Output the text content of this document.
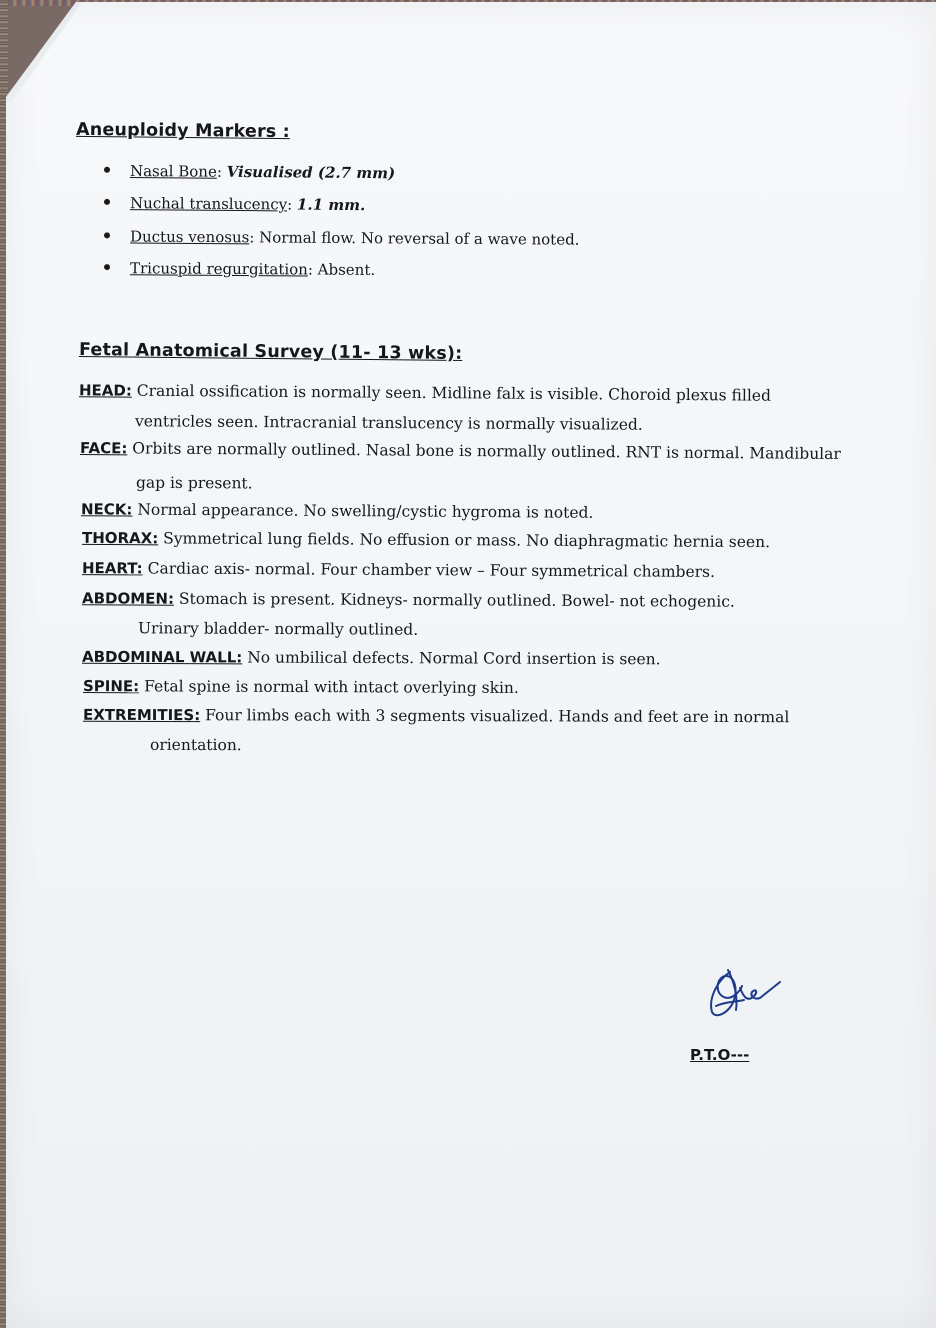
Aneuploidy Markers :
Nasal Bone: Visualised (2.7 mm)
Nuchal translucency: 1.1 mm.
Ductus venosus: Normal flow. No reversal of a wave noted.
Tricuspid regurgitation: Absent.
Fetal Anatomical Survey (11- 13 wks):
HEAD: Cranial ossification is normally seen. Midline falx is visible. Choroid plexus filled
ventricles seen. Intracranial translucency is normally visualized.
FACE: Orbits are normally outlined. Nasal bone is normally outlined. RNT is normal. Mandibular
gap is present.
NECK: Normal appearance. No swelling/cystic hygroma is noted.
THORAX: Symmetrical lung fields. No effusion or mass. No diaphragmatic hernia seen.
HEART: Cardiac axis- normal. Four chamber view – Four symmetrical chambers.
ABDOMEN: Stomach is present. Kidneys- normally outlined. Bowel- not echogenic.
Urinary bladder- normally outlined.
ABDOMINAL WALL: No umbilical defects. Normal Cord insertion is seen.
SPINE: Fetal spine is normal with intact overlying skin.
EXTREMITIES: Four limbs each with 3 segments visualized. Hands and feet are in normal
orientation.
P.T.O---
